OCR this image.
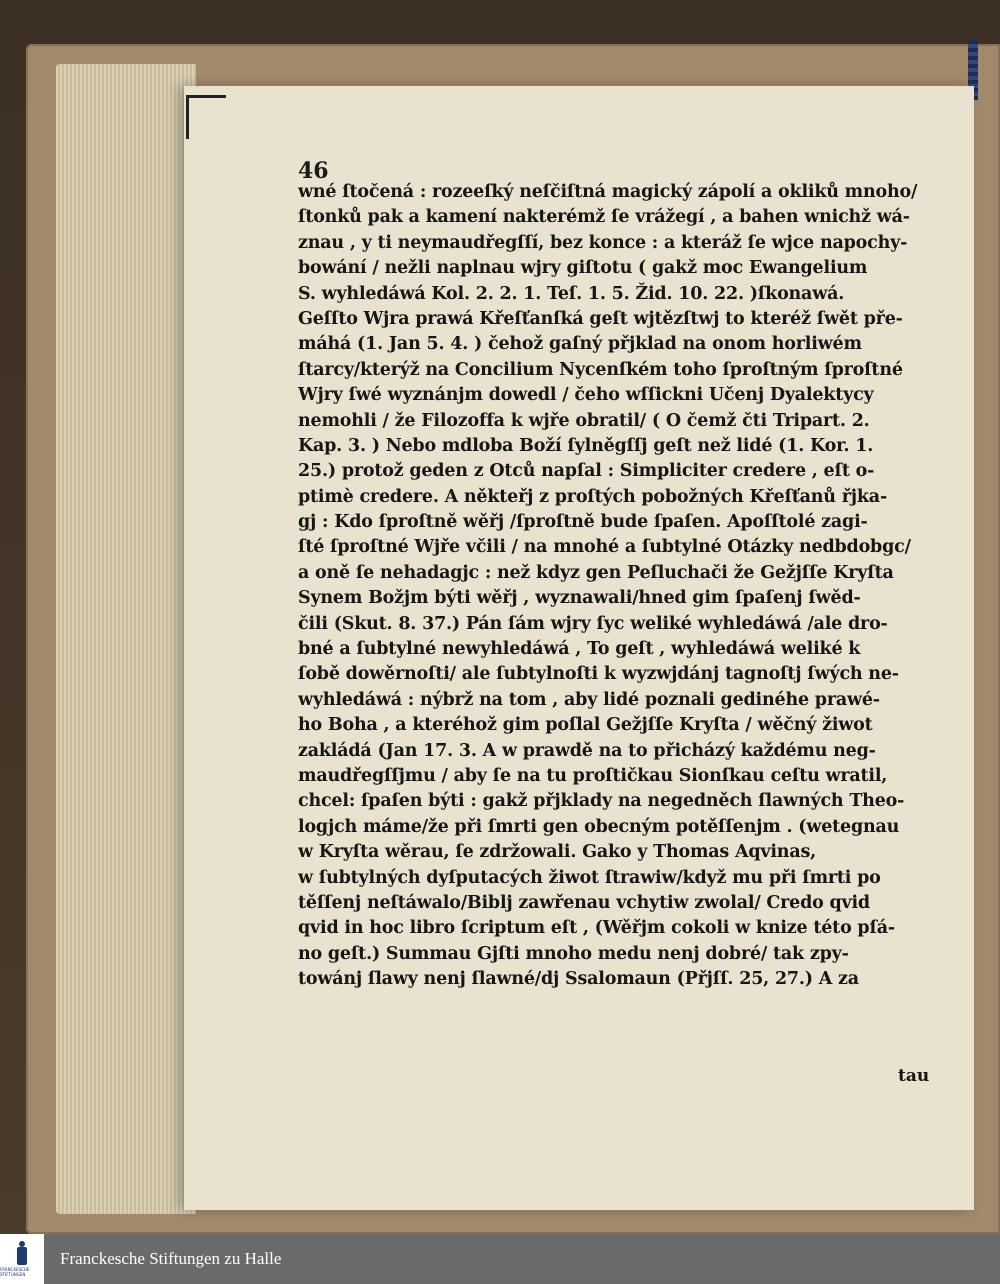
46
wné ſtočená : rozeeſký neſčiſtná magický zápolí a okliků mnoho/
ſtonků pak a kamení nakterémž ſe vrážegí , a bahen wnichž wá-
znau , y ti neymaudřegſſí, bez konce : a kteráž ſe wjce napochy-
bowání / nežli naplnau wjry giſtotu ( gakž moc Ewangelium
S. wyhledáwá Kol. 2. 2. 1. Teſ. 1. 5. Žid. 10. 22. )ſkonawá.
Geſſto Wjra prawá Křeſťanſká geſt wjtězſtwj to kteréž ſwět pře-
máhá (1. Jan 5. 4. ) čehož gaſný přjklad na onom horliwém
ſtarcy/kterýž na Concilium Nycenſkém toho ſproſtným ſproſtné
Wjry ſwé wyznánjm dowedl / čeho wſſickni Učenj Dyalektycy
nemohli / že Filozoffa k wjře obratil/ ( O čemž čti Tripart. 2.
Kap. 3. ) Nebo mdloba Boží ſylněgſſj geſt než lidé (1. Kor. 1.
25.) protož geden z Otců napſal : Simpliciter credere , eſt o-
ptimè credere. A někteřj z proſtých pobožných Křeſťanů řjka-
gj : Kdo ſproſtně wěřj /ſproſtně bude ſpaſen. Apoſſtolé zagi-
ſté ſproſtné Wjře včili / na mnohé a ſubtylné Otázky nedbdobgc/
a oně ſe nehadagjc : než kdyz gen Peſluchači že Gežjſſe Kryſta
Synem Božjm býti wěřj , wyznawali/hned gim ſpaſenj ſwěd-
čili (Skut. 8. 37.) Pán ſám wjry ſyc weliké wyhledáwá /ale dro-
bné a ſubtylné newyhledáwá , To geſt , wyhledáwá weliké k
ſobě dowěrnoſti/ ale ſubtylnoſti k wyzwjdánj tagnoſtj ſwých ne-
wyhledáwá : nýbrž na tom , aby lidé poznali gedinéhe prawé-
ho Boha , a kteréhož gim poſlal Gežjſſe Kryſta / wěčný žiwot
zakládá (Jan 17. 3. A w prawdě na to přicházý každému neg-
maudřegſſjmu / aby ſe na tu proſtičkau Sionſkau ceſtu wratil,
chcel: ſpaſen býti : gakž přjklady na negedněch ſlawných Theo-
logjch máme/že při ſmrti gen obecným potěſſenjm . (wetegnau
w Kryſta wěrau, ſe zdržowali. Gako y Thomas Aqvinas,
w ſubtylných dyſputacých žiwot ſtrawiw/když mu při ſmrti po
těſſenj neſtáwalo/Biblj zawřenau vchytiw zwolal/ Credo qvid
qvid in hoc libro ſcriptum eſt , (Wěřjm cokoli w knize této pſá-
no geſt.) Summau Gjſti mnoho medu nenj dobré/ tak zpy-
towánj ſlawy nenj ſlawné/dj Ssalomaun (Přjſſ. 25, 27.) A za
tau
FRANCKESCHE STIFTUNGEN
Franckesche Stiftungen zu Halle
